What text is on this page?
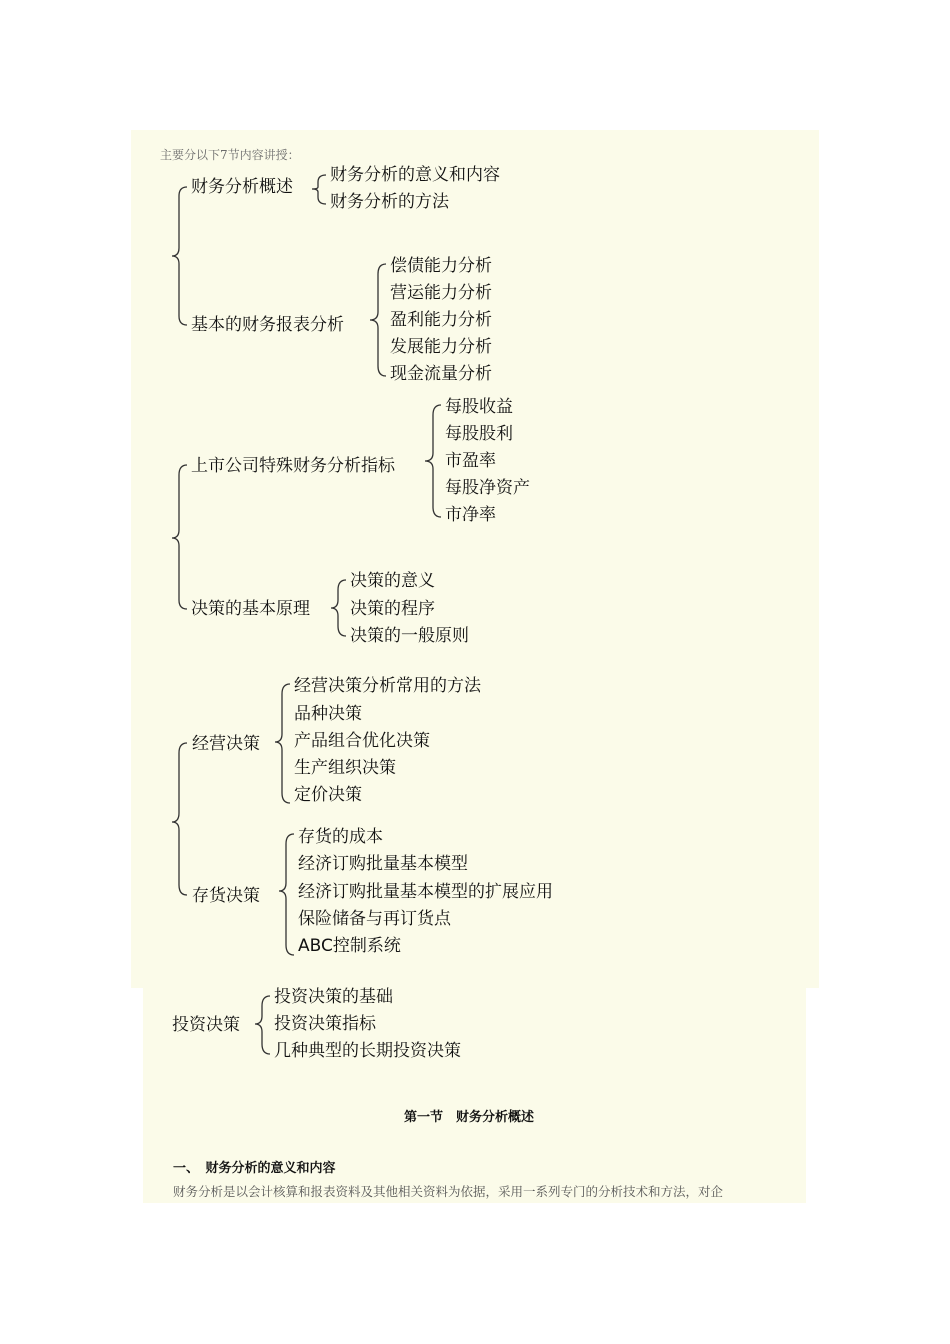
主要分以下7节内容讲授：
财务分析概述
财务分析的意义和内容
财务分析的方法
基本的财务报表分析
偿债能力分析
营运能力分析
盈利能力分析
发展能力分析
现金流量分析
上市公司特殊财务分析指标
每股收益
每股股利
市盈率
每股净资产
市净率
决策的基本原理
决策的意义
决策的程序
决策的一般原则
经营决策
经营决策分析常用的方法
品种决策
产品组合优化决策
生产组织决策
定价决策
存货决策
存货的成本
经济订购批量基本模型
经济订购批量基本模型的扩展应用
保险储备与再订货点
ABC控制系统
投资决策
投资决策的基础
投资决策指标
几种典型的长期投资决策
第一节　财务分析概述
一、　财务分析的意义和内容
财务分析是以会计核算和报表资料及其他相关资料为依据，采用一系列专门的分析技术和方法，对企
